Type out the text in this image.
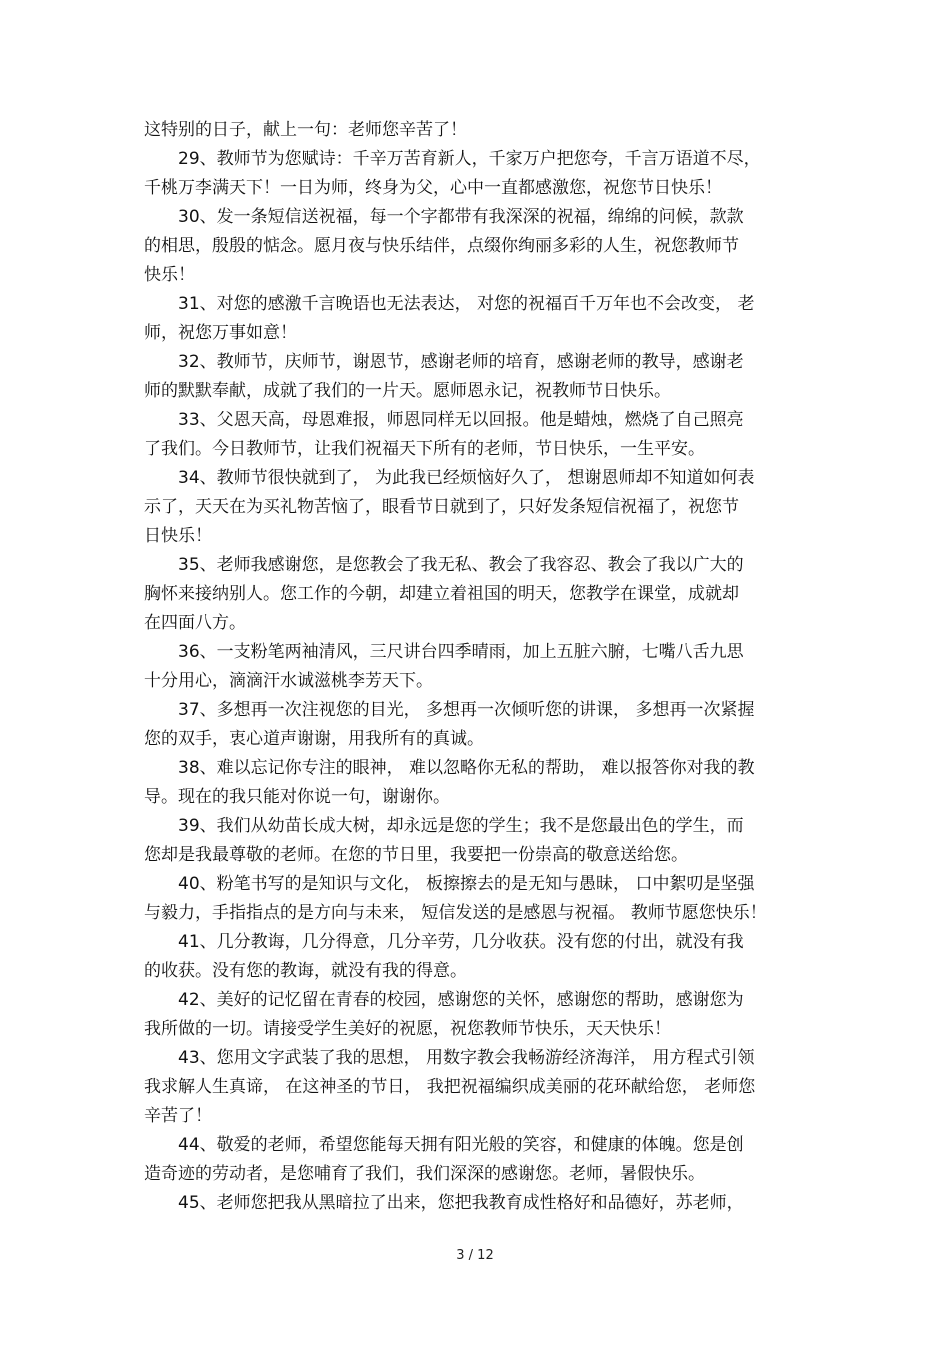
这特别的日子，献上一句：老师您辛苦了！
29、教师节为您赋诗：千辛万苦育新人，千家万户把您夸，千言万语道不尽，
千桃万李满天下！一日为师，终身为父，心中一直都感激您，祝您节日快乐！
30、发一条短信送祝福，每一个字都带有我深深的祝福，绵绵的问候，款款
的相思，殷殷的惦念。愿月夜与快乐结伴，点缀你绚丽多彩的人生，祝您教师节
快乐！
31、对您的感激千言晚语也无法表达， 对您的祝福百千万年也不会改变， 老
师，祝您万事如意！
32、教师节，庆师节，谢恩节，感谢老师的培育，感谢老师的教导，感谢老
师的默默奉献，成就了我们的一片天。愿师恩永记，祝教师节日快乐。
33、父恩天高，母恩难报，师恩同样无以回报。他是蜡烛，燃烧了自己照亮
了我们。今日教师节，让我们祝福天下所有的老师，节日快乐，一生平安。
34、教师节很快就到了， 为此我已经烦恼好久了， 想谢恩师却不知道如何表
示了，天天在为买礼物苦恼了，眼看节日就到了，只好发条短信祝福了，祝您节
日快乐！
35、老师我感谢您，是您教会了我无私、教会了我容忍、教会了我以广大的
胸怀来接纳别人。您工作的今朝，却建立着祖国的明天，您教学在课堂，成就却
在四面八方。
36、一支粉笔两袖清风，三尺讲台四季晴雨，加上五脏六腑，七嘴八舌九思
十分用心，滴滴汗水诚滋桃李芳天下。
37、多想再一次注视您的目光， 多想再一次倾听您的讲课， 多想再一次紧握
您的双手，衷心道声谢谢，用我所有的真诚。
38、难以忘记你专注的眼神， 难以忽略你无私的帮助， 难以报答你对我的教
导。现在的我只能对你说一句，谢谢你。
39、我们从幼苗长成大树，却永远是您的学生；我不是您最出色的学生，而
您却是我最尊敬的老师。在您的节日里，我要把一份崇高的敬意送给您。
40、粉笔书写的是知识与文化， 板擦擦去的是无知与愚昧， 口中絮叨是坚强
与毅力，手指指点的是方向与未来， 短信发送的是感恩与祝福。 教师节愿您快乐！
41、几分教诲，几分得意，几分辛劳，几分收获。没有您的付出，就没有我
的收获。没有您的教诲，就没有我的得意。
42、美好的记忆留在青春的校园，感谢您的关怀，感谢您的帮助，感谢您为
我所做的一切。请接受学生美好的祝愿，祝您教师节快乐，天天快乐！
43、您用文字武装了我的思想， 用数字教会我畅游经济海洋， 用方程式引领
我求解人生真谛， 在这神圣的节日， 我把祝福编织成美丽的花环献给您， 老师您
辛苦了！
44、敬爱的老师，希望您能每天拥有阳光般的笑容，和健康的体魄。您是创
造奇迹的劳动者，是您哺育了我们，我们深深的感谢您。老师，暑假快乐。
45、老师您把我从黑暗拉了出来，您把我教育成性格好和品德好，苏老师，
3 / 12
